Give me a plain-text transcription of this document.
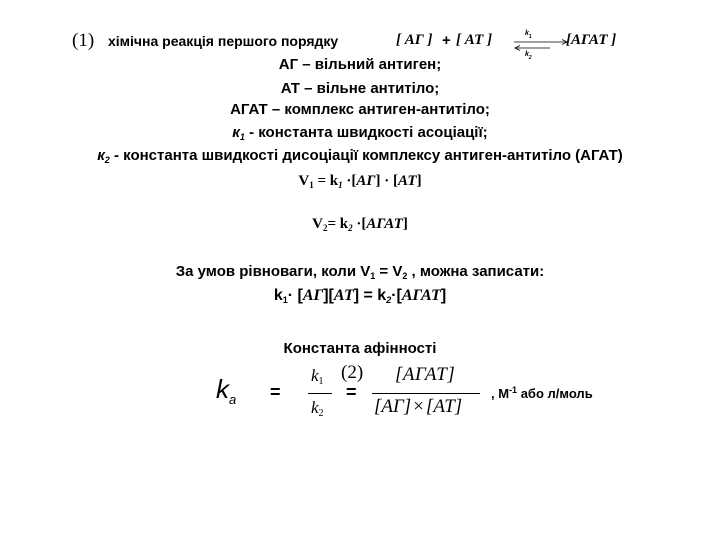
(1) хімічна реакція першого порядку	[ АГ ] + [ АТ ]	$k_1$
$k_2$
[АГАТ ]
АГ – вільний антиген;
АТ – вільне антитіло;
АГАТ – комплекс антиген-антитіло;
$к_1$ - константа швидкості асоціації;
$к_2$ - константа швидкості дисоціації комплексу антиген-антитіло (АГАТ)
$V_1 = k_1 \cdot[АГ] \cdot [АТ]$
$V_2= k_2$ ·[АГАТ]
За умов рівноваги, коли $V_1 = V_2$ , можна записати:
$k_1\cdot [АГ][АТ]$ = $k_2\cdot[АГАТ]$
Константа афінності
$k_a$ =
$k_1$
$k_2$
(2)
=
[АГАТ]
[АГ] × [АТ]
, $М^{-1}$ або л/моль
